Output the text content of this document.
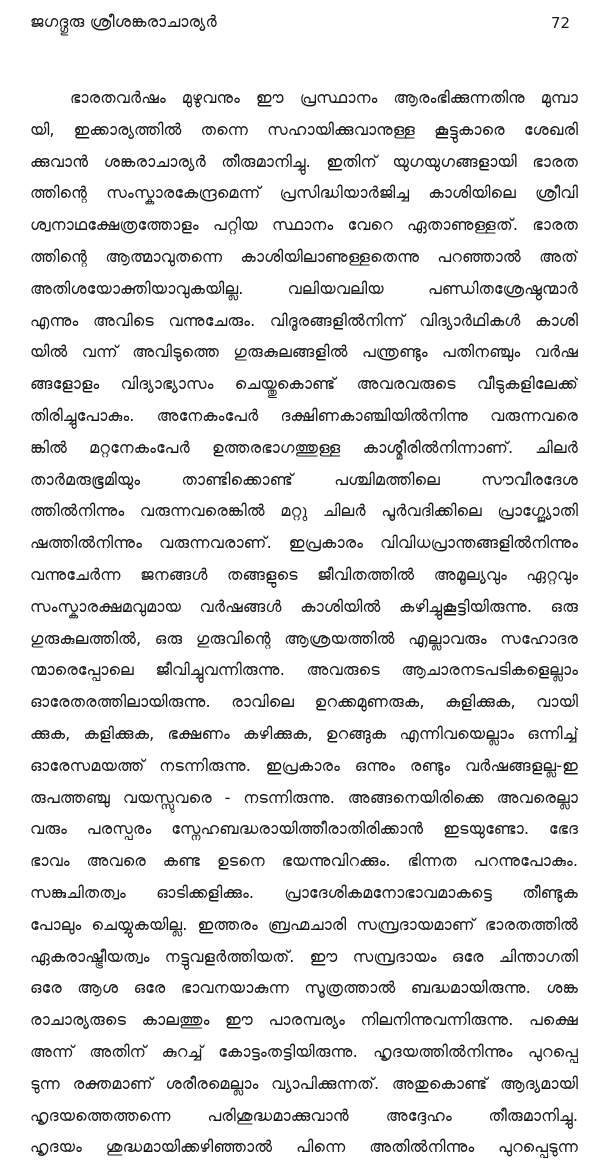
ജഗദ്ഗുരു ശ്രീശങ്കരാചാര്യർ	72
ഭാരതവർഷം മുഴുവനും ഈ പ്രസ്ഥാനം ആരംഭിക്കുന്നതിനു മുമ്പാ
യി, ഇക്കാര്യത്തിൽ തന്നെ സഹായിക്കുവാനുള്ള കൂട്ടുകാരെ ശേഖരി
ക്കുവാൻ ശങ്കരാചാര്യർ തീരുമാനിച്ചു. ഇതിന് യുഗയുഗങ്ങളായി ഭാരത
ത്തിന്റെ സംസ്കാരകേന്ദ്രമെന്ന് പ്രസിദ്ധിയാർജിച്ച കാശിയിലെ ശ്രീവി
ശ്വനാഥക്ഷേത്രത്തോളം പറ്റിയ സ്ഥാനം വേറെ ഏതാണുള്ളത്. ഭാരത
ത്തിന്റെ ആത്മാവുതന്നെ കാശിയിലാണുള്ളതെന്നു പറഞ്ഞാൽ അത്
അതിശയോക്തിയാവുകയില്ല. വലിയവലിയ പണ്ഡിതശ്രേഷ്ഠന്മാർ
എന്നും അവിടെ വന്നുചേരും. വിദൂരങ്ങളിൽനിന്ന് വിദ്യാർഥികൾ കാശി
യിൽ വന്ന് അവിടുത്തെ ഗുരുകുലങ്ങളിൽ പന്ത്രണ്ടും പതിനഞ്ചും വർഷ
ങ്ങളോളം വിദ്യാഭ്യാസം ചെയ്തുകൊണ്ട് അവരവരുടെ വീടുകളിലേക്ക്
തിരിച്ചുപോകും. അനേകംപേർ ദക്ഷിണകാഞ്ചിയിൽനിന്നു വരുന്നവരെ
ങ്കിൽ മറ്റനേകംപേർ ഉത്തരഭാഗത്തുള്ള കാശ്മീരിൽനിന്നാണ്. ചിലർ
താർമരുഭൂമിയും താണ്ടിക്കൊണ്ട് പശ്ചിമത്തിലെ സൗവീരദേശ
ത്തിൽനിന്നും വരുന്നവരെങ്കിൽ മറ്റു ചിലർ പൂർവദിക്കിലെ പ്രാഗ്ജ്യോതി
ഷത്തിൽനിന്നും വരുന്നവരാണ്. ഇപ്രകാരം വിവിധപ്രാന്തങ്ങളിൽനിന്നും
വന്നുചേർന്ന ജനങ്ങൾ തങ്ങളുടെ ജീവിതത്തിൽ അമൂല്യവും ഏറ്റവും
സംസ്കാരക്ഷമവുമായ വർഷങ്ങൾ കാശിയിൽ കഴിച്ചുകൂട്ടിയിരുന്നു. ഒരു
ഗുരുകുലത്തിൽ, ഒരു ഗുരുവിന്റെ ആശ്രയത്തിൽ എല്ലാവരും സഹോദര
ന്മാരെപ്പോലെ ജീവിച്ചുവന്നിരുന്നു. അവരുടെ ആചാരനടപടികളെല്ലാം
ഓരേതരത്തിലായിരുന്നു. രാവിലെ ഉറക്കമുണരുക, കുളിക്കുക, വായി
ക്കുക, കളിക്കുക, ഭക്ഷണം കഴിക്കുക, ഉറങ്ങുക എന്നിവയെല്ലാം ഒന്നിച്ച്
ഓരേസമയത്ത് നടന്നിരുന്നു. ഇപ്രകാരം ഒന്നും രണ്ടും വർഷങ്ങളല്ല-ഇ
രുപത്തഞ്ചു വയസ്സുവരെ - നടന്നിരുന്നു. അങ്ങനെയിരിക്കെ അവരെല്ലാ
വരും പരസ്പരം സ്നേഹബദ്ധരായിത്തീരാതിരിക്കാൻ ഇടയുണ്ടോ. ഭേദ
ഭാവം അവരെ കണ്ട ഉടനെ ഭയന്നുവിറക്കും. ഭിന്നത പറന്നുപോകും.
സങ്കുചിതത്വം ഓടിക്കളിക്കും. പ്രാദേശികമനോഭാവമാകട്ടെ തീണ്ടുക
പോലും ചെയ്യുകയില്ല. ഇത്തരം ബ്രഹ്മചാരി സമ്പ്രദായമാണ് ഭാരതത്തിൽ
ഏകരാഷ്ട്രീയത്വം നട്ടുവളർത്തിയത്. ഈ സമ്പ്രദായം ഒരേ ചിന്താഗതി
ഒരേ ആശ ഒരേ ഭാവനയാകുന്ന സൂത്രത്താൽ ബദ്ധമായിരുന്നു. ശങ്ക
രാചാര്യരുടെ കാലത്തും ഈ പാരമ്പര്യം നിലനിന്നുവന്നിരുന്നു. പക്ഷെ
അന്ന് അതിന് കുറച്ച് കോട്ടംതട്ടിയിരുന്നു. ഹൃദയത്തിൽനിന്നും പുറപ്പെ
ടുന്ന രക്തമാണ് ശരീരമെല്ലാം വ്യാപിക്കുന്നത്. അതുകൊണ്ട് ആദ്യമായി
ഹൃദയത്തെത്തന്നെ പരിശുദ്ധമാക്കുവാൻ അദ്ദേഹം തീരുമാനിച്ചു.
ഹൃദയം ശുദ്ധമായിക്കഴിഞ്ഞാൽ പിന്നെ അതിൽനിന്നും പുറപ്പെടുന്ന
